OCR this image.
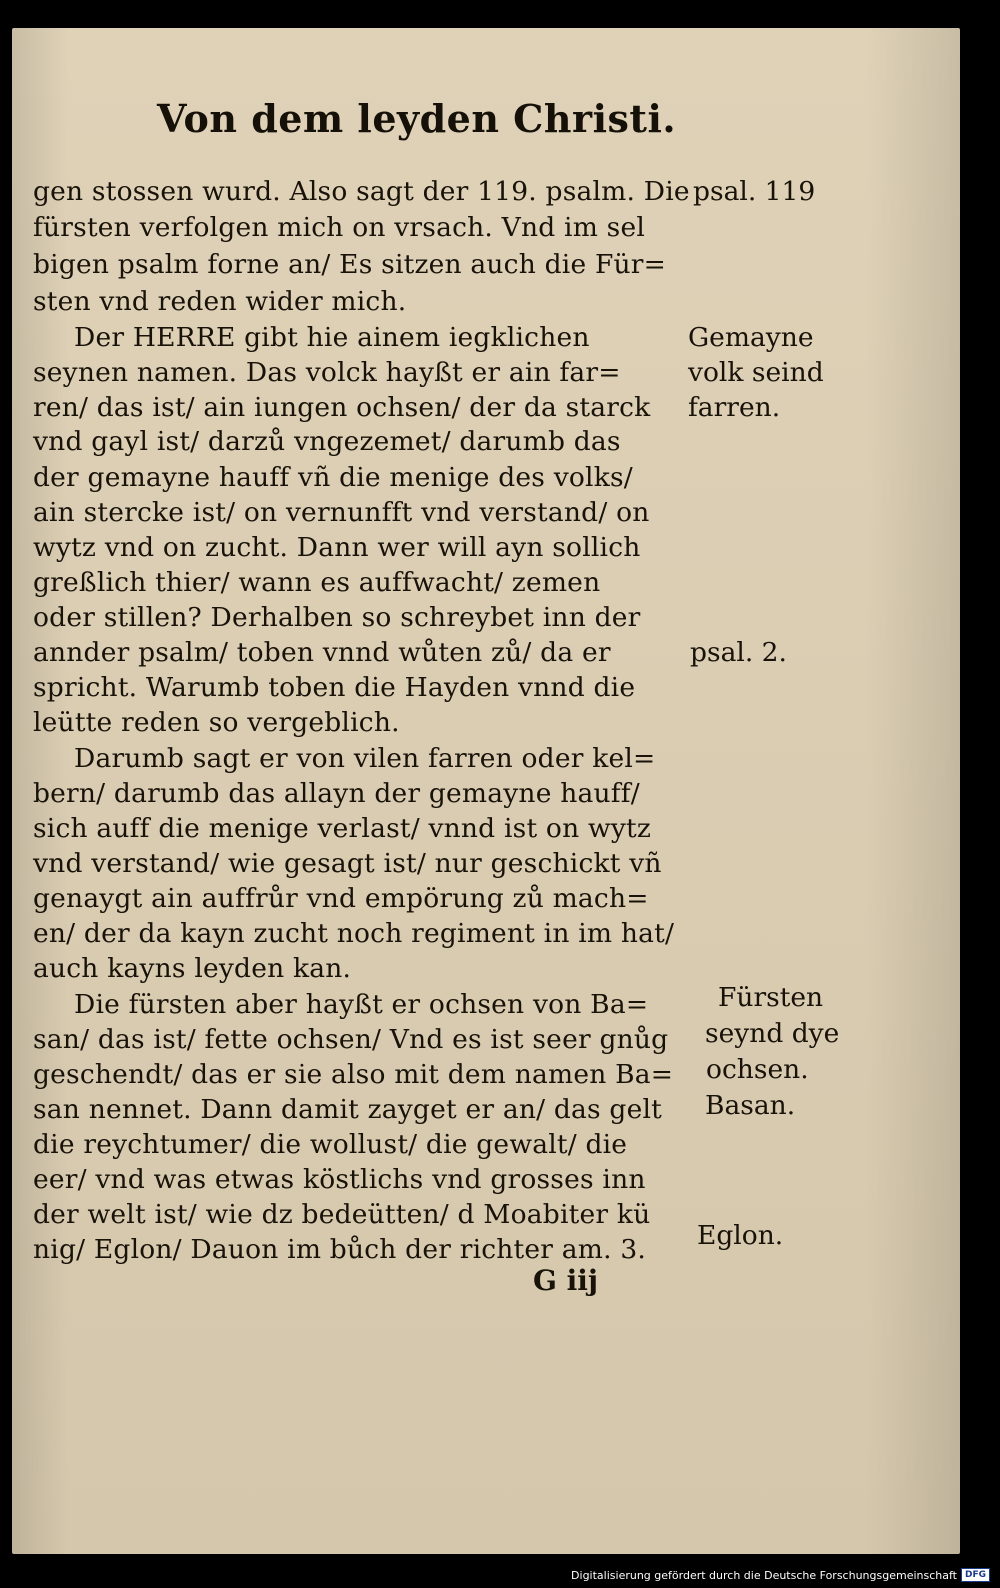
Von dem leyden Christi.
gen stossen wurd. Also sagt der 119. psalm. Die
fürsten verfolgen mich on vrsach. Vnd im sel
bigen psalm forne an/ Es sitzen auch die Für=
sten vnd reden wider mich.
Der HERRE gibt hie ainem iegklichen
seynen namen. Das volck hayßt er ain far=
ren/ das ist/ ain iungen ochsen/ der da starck
vnd gayl ist/ darzů vngezemet/ darumb das
der gemayne hauff vñ die menige des volks/
ain stercke ist/ on vernunfft vnd verstand/ on
wytz vnd on zucht. Dann wer will ayn sollich
greßlich thier/ wann es auffwacht/ zemen
oder stillen? Derhalben so schreybet inn der
annder psalm/ toben vnnd wůten zů/ da er
spricht. Warumb toben die Hayden vnnd die
leütte reden so vergeblich.
Darumb sagt er von vilen farren oder kel=
bern/ darumb das allayn der gemayne hauff/
sich auff die menige verlast/ vnnd ist on wytz
vnd verstand/ wie gesagt ist/ nur geschickt vñ
genaygt ain auffrůr vnd empörung zů mach=
en/ der da kayn zucht noch regiment in im hat/
auch kayns leyden kan.
Die fürsten aber hayßt er ochsen von Ba=
san/ das ist/ fette ochsen/ Vnd es ist seer gnůg
geschendt/ das er sie also mit dem namen Ba=
san nennet. Dann damit zayget er an/ das gelt
die reychtumer/ die wollust/ die gewalt/ die
eer/ vnd was etwas köstlichs vnd grosses inn
der welt ist/ wie dz bedeütten/ d Moabiter kü
nig/ Eglon/ Dauon im bůch der richter am. 3.
psal. 119
Gemayne
volk seind
farren.
psal. 2.
Fürsten
seynd dye
ochsen.
Basan.
Eglon.
G iij
Digitalisierung gefördert durch die Deutsche Forschungsgemeinschaft DFG
